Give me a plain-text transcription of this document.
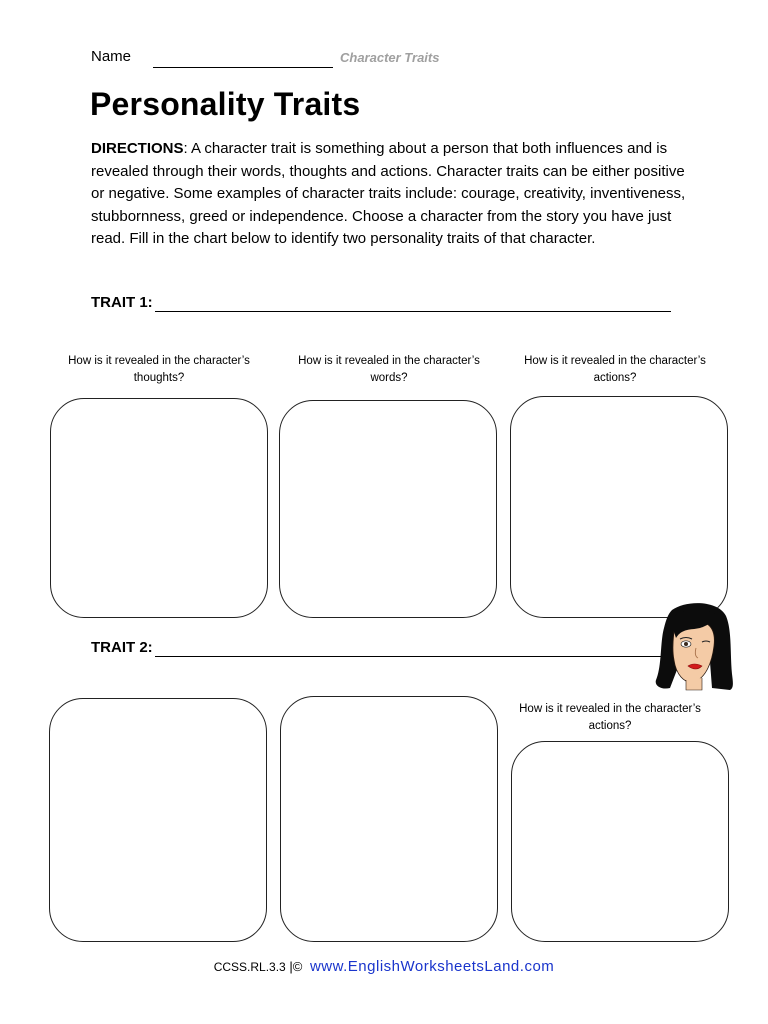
Name	Character Traits
Personality Traits
DIRECTIONS: A character trait is something about a person that both influences and is revealed through their words, thoughts and actions. Character traits can be either positive or negative. Some examples of character traits include: courage, creativity, inventiveness, stubbornness, greed or independence. Choose a character from the story you have just read. Fill in the chart below to identify two personality traits of that character.
TRAIT 1:
How is it revealed in the character’s thoughts?
How is it revealed in the character’s words?
How is it revealed in the character’s actions?
TRAIT 2:
How is it revealed in the character’s actions?
CCSS.RL.3.3 |© www.EnglishWorksheetsLand.com
